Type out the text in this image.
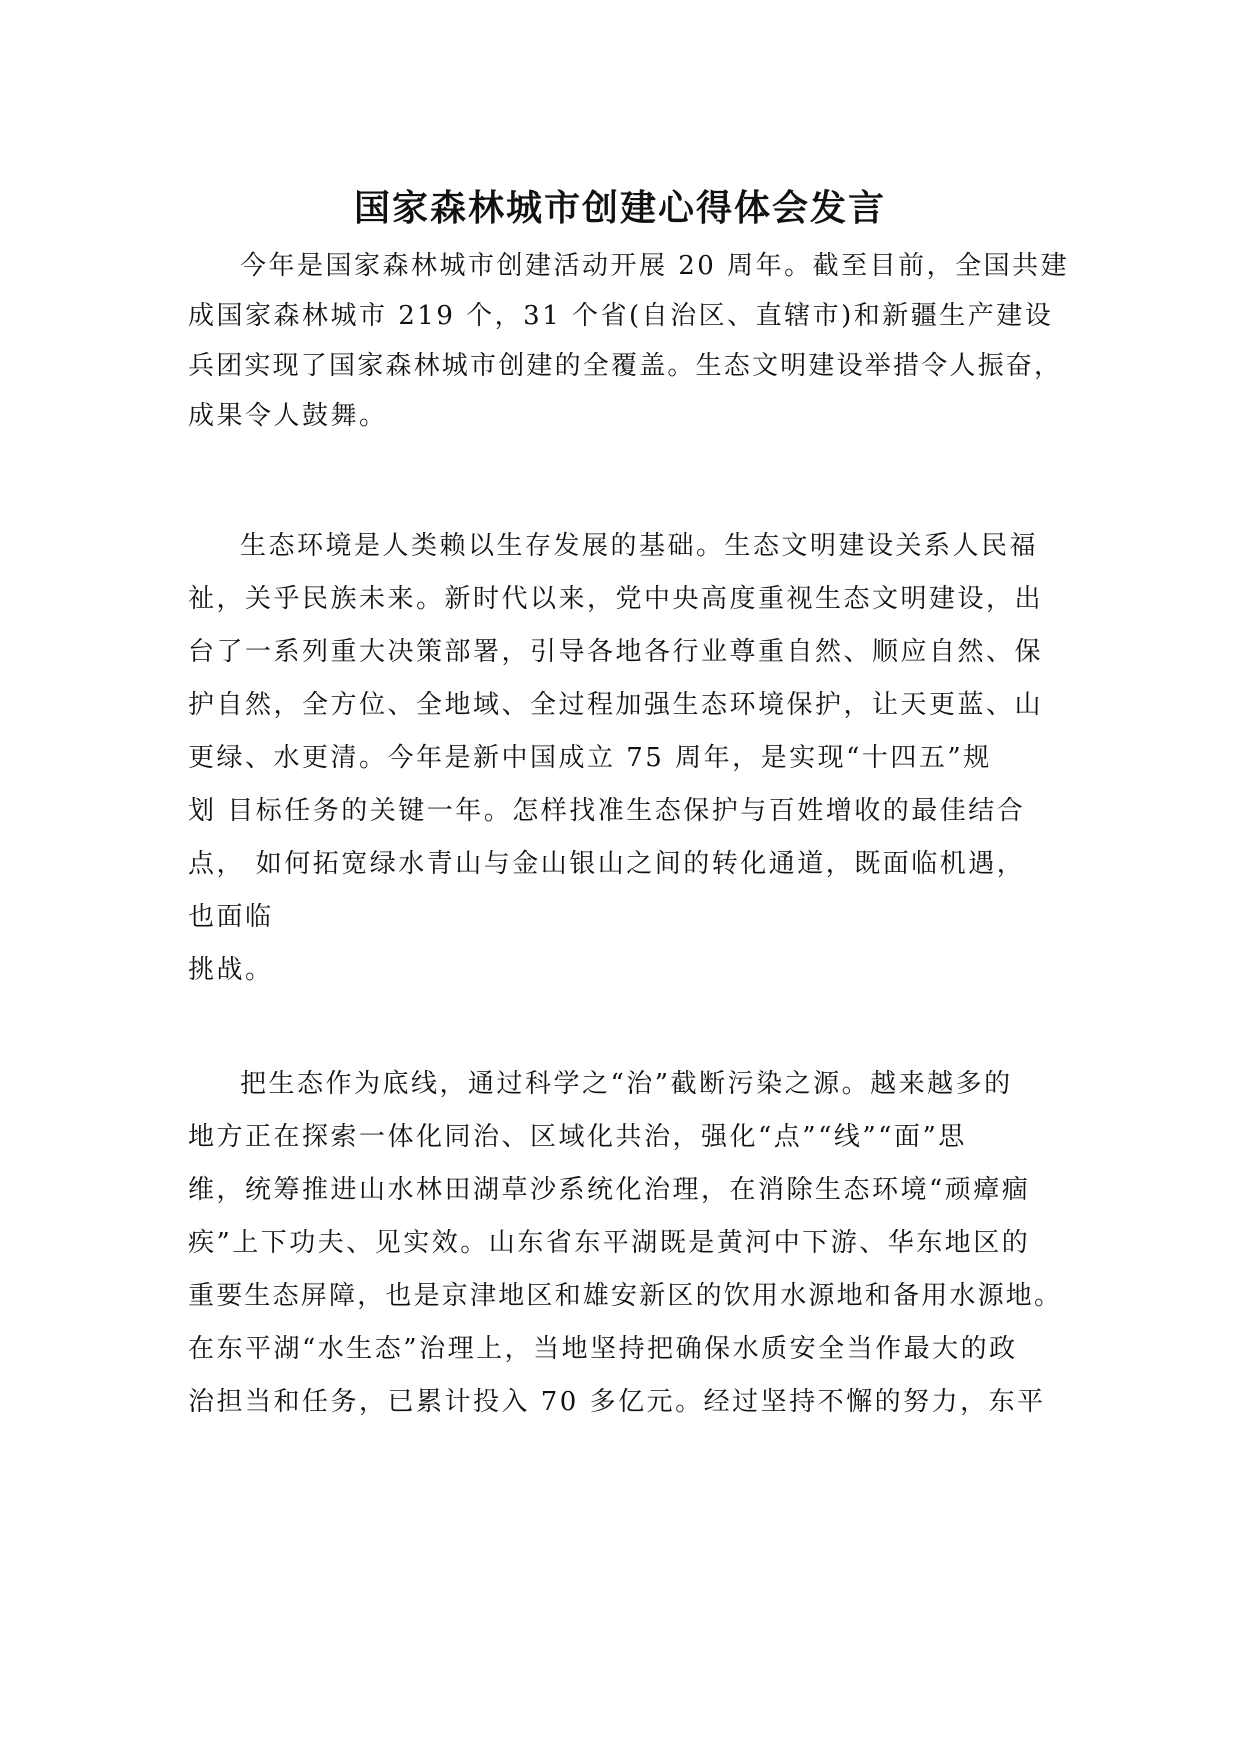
国家森林城市创建心得体会发言
今年是国家森林城市创建活动开展 20 周年。截至目前，全国共建
成国家森林城市 219 个，31 个省(自治区、直辖市)和新疆生产建设
兵团实现了国家森林城市创建的全覆盖。生态文明建设举措令人振奋，
成果令人鼓舞。
生态环境是人类赖以生存发展的基础。生态文明建设关系人民福
祉，关乎民族未来。新时代以来，党中央高度重视生态文明建设，出
台了一系列重大决策部署，引导各地各行业尊重自然、顺应自然、保
护自然，全方位、全地域、全过程加强生态环境保护，让天更蓝、山
更绿、水更清。今年是新中国成立 75 周年，是实现“十四五”规
划 目标任务的关键一年。怎样找准生态保护与百姓增收的最佳结合
点， 如何拓宽绿水青山与金山银山之间的转化通道，既面临机遇，
也面临
挑战。
把生态作为底线，通过科学之“治”截断污染之源。越来越多的
地方正在探索一体化同治、区域化共治，强化“点”“线”“面”思
维，统筹推进山水林田湖草沙系统化治理，在消除生态环境“顽瘴痼
疾”上下功夫、见实效。山东省东平湖既是黄河中下游、华东地区的
重要生态屏障，也是京津地区和雄安新区的饮用水源地和备用水源地。
在东平湖“水生态”治理上，当地坚持把确保水质安全当作最大的政
治担当和任务，已累计投入 70 多亿元。经过坚持不懈的努力，东平
